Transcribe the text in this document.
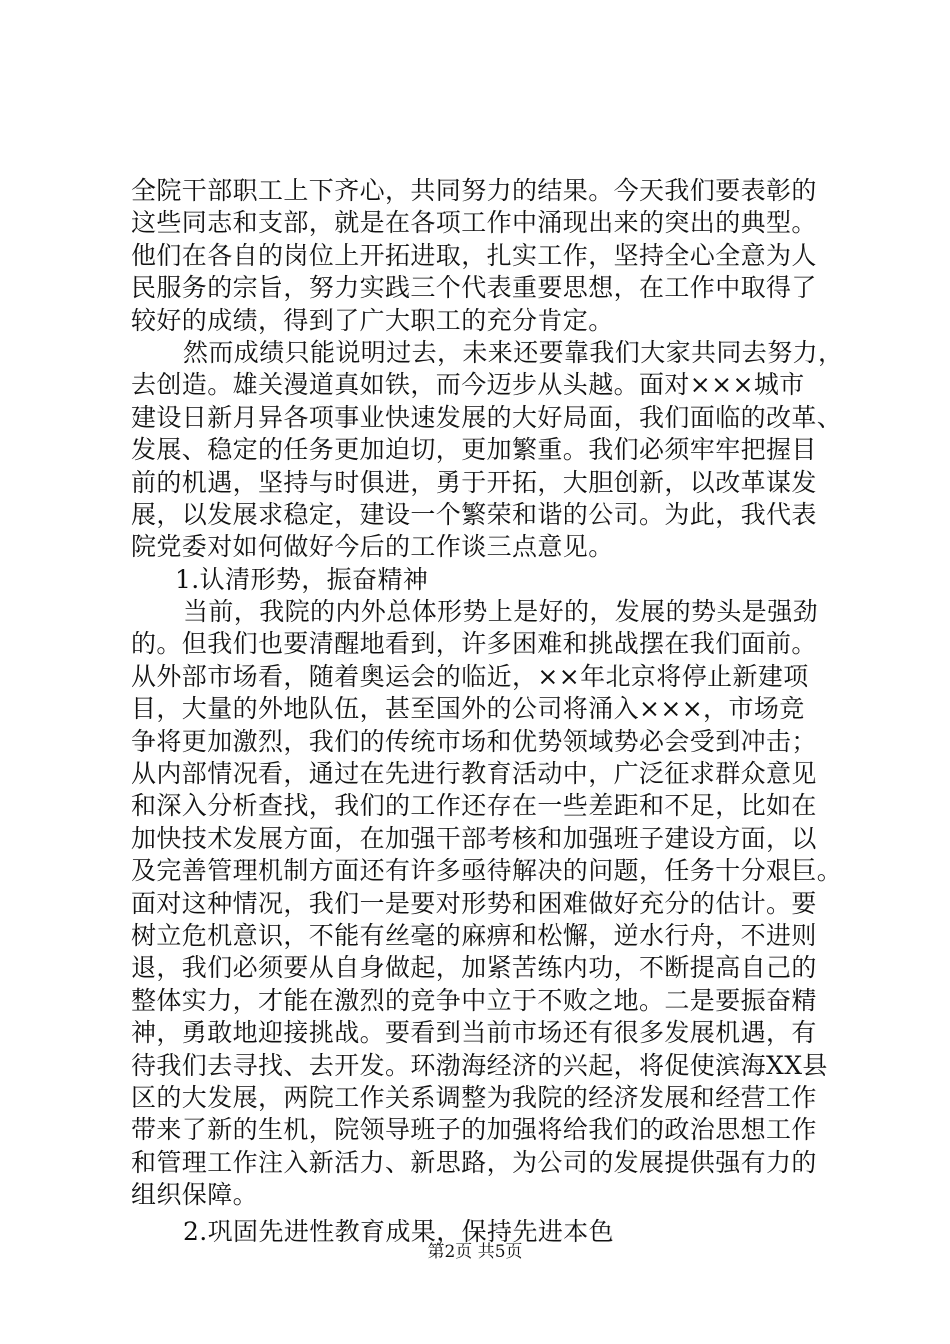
全院干部职工上下齐心，共同努力的结果。今天我们要表彰的
这些同志和支部，就是在各项工作中涌现出来的突出的典型。
他们在各自的岗位上开拓进取，扎实工作，坚持全心全意为人
民服务的宗旨，努力实践三个代表重要思想，在工作中取得了
较好的成绩，得到了广大职工的充分肯定。
然而成绩只能说明过去，未来还要靠我们大家共同去努力，
去创造。雄关漫道真如铁，而今迈步从头越。面对×××城市
建设日新月异各项事业快速发展的大好局面，我们面临的改革、
发展、稳定的任务更加迫切，更加繁重。我们必须牢牢把握目
前的机遇，坚持与时俱进，勇于开拓，大胆创新，以改革谋发
展，以发展求稳定，建设一个繁荣和谐的公司。为此，我代表
院党委对如何做好今后的工作谈三点意见。
1.认清形势，振奋精神
当前，我院的内外总体形势上是好的，发展的势头是强劲
的。但我们也要清醒地看到，许多困难和挑战摆在我们面前。
从外部市场看，随着奥运会的临近，××年北京将停止新建项
目，大量的外地队伍，甚至国外的公司将涌入×××，市场竞
争将更加激烈，我们的传统市场和优势领域势必会受到冲击；
从内部情况看，通过在先进行教育活动中，广泛征求群众意见
和深入分析查找，我们的工作还存在一些差距和不足，比如在
加快技术发展方面，在加强干部考核和加强班子建设方面，以
及完善管理机制方面还有许多亟待解决的问题，任务十分艰巨。
面对这种情况，我们一是要对形势和困难做好充分的估计。要
树立危机意识，不能有丝毫的麻痹和松懈，逆水行舟，不进则
退，我们必须要从自身做起，加紧苦练内功，不断提高自己的
整体实力，才能在激烈的竞争中立于不败之地。二是要振奋精
神，勇敢地迎接挑战。要看到当前市场还有很多发展机遇，有
待我们去寻找、去开发。环渤海经济的兴起，将促使滨海XX县
区的大发展，两院工作关系调整为我院的经济发展和经营工作
带来了新的生机，院领导班子的加强将给我们的政治思想工作
和管理工作注入新活力、新思路，为公司的发展提供强有力的
组织保障。
2.巩固先进性教育成果，保持先进本色
第2页 共5页
